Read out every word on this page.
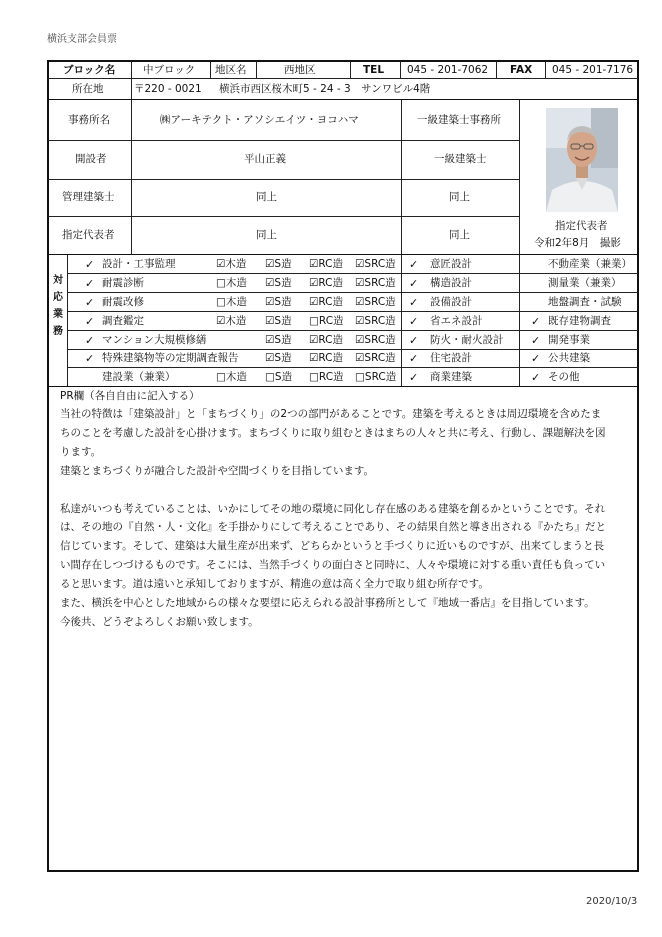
横浜支部会員票
ブロック名	中ブロック 地区名	西地区	TEL 045 - 201-7062 FAX 045 - 201-7176
所在地	〒220 - 0021 横浜市西区桜木町5 - 24 - 3　サンワビル4階
事務所名	㈱アーキテクト・アソシエイツ・ヨコハマ	一級建築士事務所
開設者	平山正義	一級建築士
管理建築士	同上	同上
指定代表者	同上	同上
指定代表者
令和2年8月　撮影
対
応
業
務
✓ 設計・工事監理	☑木造 ☑S造 ☑RC造 ☑SRC造 ✓ 意匠設計	不動産業（兼業）
✓ 耐震診断	□木造 ☑S造 ☑RC造 ☑SRC造 ✓ 構造設計	測量業（兼業）
✓ 耐震改修	□木造 ☑S造 ☑RC造 ☑SRC造 ✓ 設備設計	地盤調査・試験
✓ 調査鑑定	☑木造 ☑S造 □RC造 ☑SRC造 ✓ 省エネ設計	✓ 既存建物調査
✓ マンション大規模修繕	☑S造 ☑RC造 ☑SRC造 ✓ 防火・耐火設計	✓ 開発事業
✓ 特殊建築物等の定期調査報告	☑S造 ☑RC造 ☑SRC造 ✓ 住宅設計	✓ 公共建築
建設業（兼業）	□木造 □S造 □RC造 □SRC造 ✓ 商業建築	✓ その他
PR欄（各自自由に記入する）

当社の特徴は「建築設計」と「まちづくり」の2つの部門があることです。建築を考えるときは周辺環境を含めたま

ちのことを考慮した設計を心掛けます。まちづくりに取り組むときはまちの人々と共に考え、行動し、課題解決を図

ります。

建築とまちづくりが融合した設計や空間づくりを目指しています。

私達がいつも考えていることは、いかにしてその地の環境に同化し存在感のある建築を創るかということです。それ

は、その地の『自然・人・文化』を手掛かりにして考えることであり、その結果自然と導き出される『かたち』だと

信じています。そして、建築は大量生産が出来ず、どちらかというと手づくりに近いものですが、出来てしまうと長

い間存在しつづけるものです。そこには、当然手づくりの面白さと同時に、人々や環境に対する重い責任も負ってい

ると思います。道は遠いと承知しておりますが、精進の意は高く全力で取り組む所存です。

また、横浜を中心とした地域からの様々な要望に応えられる設計事務所として『地域一番店』を目指しています。

今後共、どうぞよろしくお願い致します。

2020/10/3
